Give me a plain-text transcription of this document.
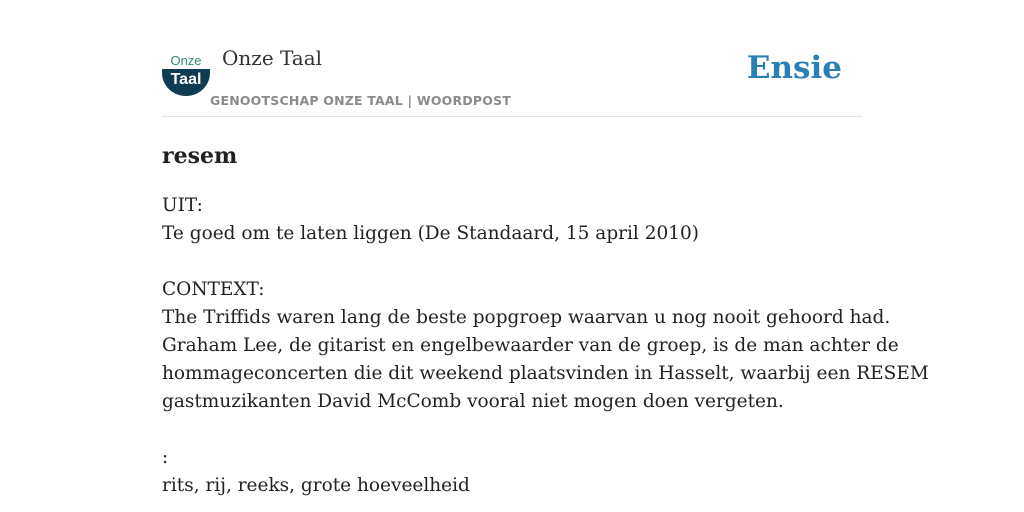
Onze
Taal
Onze Taal
GENOOTSCHAP ONZE TAAL | WOORDPOST
Ensie
resem
UIT:
Te goed om te laten liggen (De Standaard, 15 april 2010)
CONTEXT:
The Triffids waren lang de beste popgroep waarvan u nog nooit gehoord had.
Graham Lee, de gitarist en engelbewaarder van de groep, is de man achter de
hommageconcerten die dit weekend plaatsvinden in Hasselt, waarbij een RESEM
gastmuzikanten David McComb vooral niet mogen doen vergeten.
:
rits, rij, reeks, grote hoeveelheid
